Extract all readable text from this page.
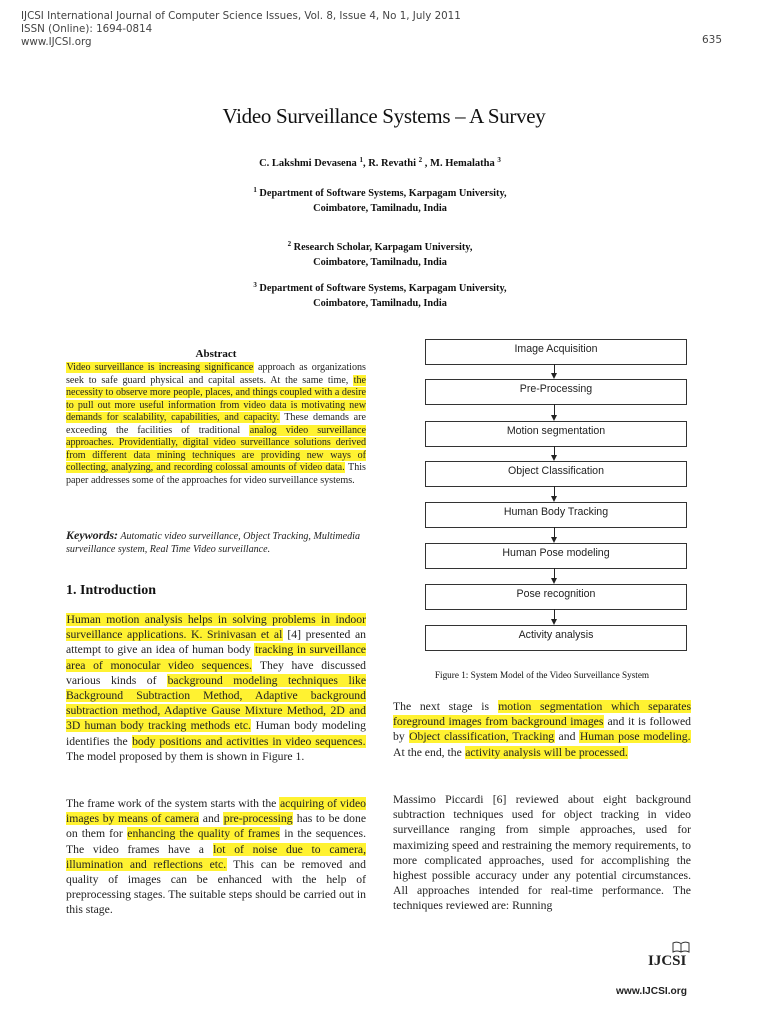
IJCSI International Journal of Computer Science Issues, Vol. 8, Issue 4, No 1, July 2011
ISSN (Online): 1694-0814
www.IJCSI.org	635
Video Surveillance Systems – A Survey
C. Lakshmi Devasena $^1$, R. Revathi $^2$ , M. Hemalatha $^3$
$^1$ Department of Software Systems, Karpagam University,
Coimbatore, Tamilnadu, India
$^2$ Research Scholar, Karpagam University,
Coimbatore, Tamilnadu, India
$^3$ Department of Software Systems, Karpagam University,
Coimbatore, Tamilnadu, India
Abstract
Video surveillance is increasing significance approach as organizations seek to safe guard physical and capital assets. At the same time, the necessity to observe more people, places, and things coupled with a desire to pull out more useful information from video data is motivating new demands for scalability, capabilities, and capacity. These demands are exceeding the facilities of traditional analog video surveillance approaches. Providentially, digital video surveillance solutions derived from different data mining techniques are providing new ways of collecting, analyzing, and recording colossal amounts of video data. This paper addresses some of the approaches for video surveillance systems.
Keywords: Automatic video surveillance, Object Tracking, Multimedia surveillance system, Real Time Video surveillance.
1. Introduction
Human motion analysis helps in solving problems in indoor surveillance applications. K. Srinivasan et al [4] presented an attempt to give an idea of human body tracking in surveillance area of monocular video sequences. They have discussed various kinds of background modeling techniques like Background Subtraction Method, Adaptive background subtraction method, Adaptive Gause Mixture Method, 2D and 3D human body tracking methods etc. Human body modeling identifies the body positions and activities in video sequences. The model proposed by them is shown in Figure 1.
The frame work of the system starts with the acquiring of video images by means of camera and pre-processing has to be done on them for enhancing the quality of frames in the sequences. The video frames have a lot of noise due to camera, illumination and reflections etc. This can be removed and quality of images can be enhanced with the help of preprocessing stages. The suitable steps should be carried out in this stage.
Image Acquisition
Pre-Processing
Motion segmentation
Object Classification
Human Body Tracking
Human Pose modeling
Pose recognition
Activity analysis
Figure 1: System Model of the Video Surveillance System
The next stage is motion segmentation which separates foreground images from background images and it is followed by Object classification, Tracking and Human pose modeling. At the end, the activity analysis will be processed.
Massimo Piccardi [6] reviewed about eight background subtraction techniques used for object tracking in video surveillance ranging from simple approaches, used for maximizing speed and restraining the memory requirements, to more complicated approaches, used for accomplishing the highest possible accuracy under any potential circumstances. All approaches intended for real-time performance. The techniques reviewed are: Running
IJCSI
www.IJCSI.org
